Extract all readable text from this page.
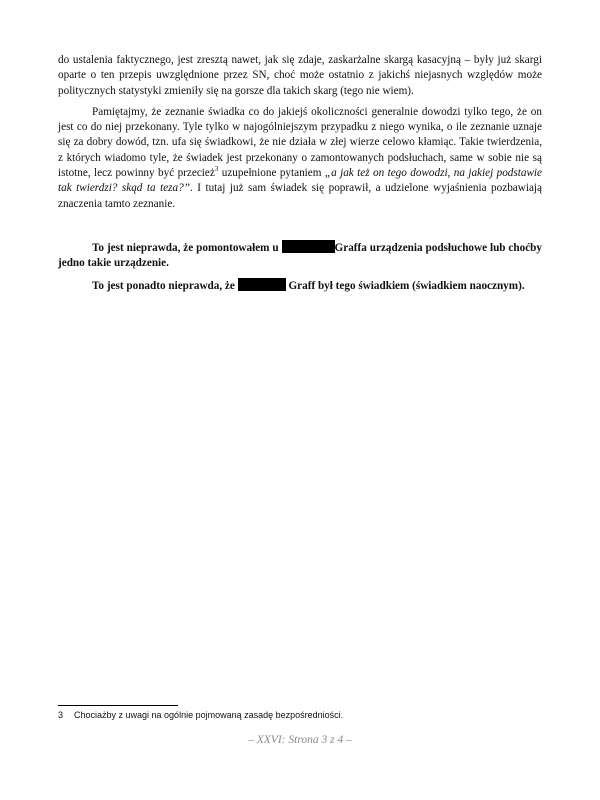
do ustalenia faktycznego, jest zresztą nawet, jak się zdaje, zaskarżalne skargą kasacyjną – były już skargi oparte o ten przepis uwzględnione przez SN, choć może ostatnio z jakichś niejasnych względów może politycznych statystyki zmieniły się na gorsze dla takich skarg (tego nie wiem).

Pamiętajmy, że zeznanie świadka co do jakiejś okoliczności generalnie dowodzi tylko tego, że on jest co do niej przekonany. Tyle tylko w najogólniejszym przypadku z niego wynika, o ile zeznanie uznaje się za dobry dowód, tzn. ufa się świadkowi, że nie działa w złej wierze celowo kłamiąc. Takie twierdzenia, z których wiadomo tyle, że świadek jest przekonany o zamontowanych podsłuchach, same w sobie nie są istotne, lecz powinny być przecież$^3$ uzupełnione pytaniem „a jak też on tego dowodzi, na jakiej podstawie tak twierdzi? skąd ta teza?”. I tutaj już sam świadek się poprawił, a udzielone wyjaśnienia pozbawiają znaczenia tamto zeznanie.

To jest nieprawda, że pomontowałem u	Graffa urządzenia podsłuchowe lub choćby jedno takie urządzenie.

To jest ponadto nieprawda, że	Graff był tego świadkiem (świadkiem naocznym).

3 Chociażby z uwagi na ogólnie pojmowaną zasadę bezpośredniości.
– XXVI: Strona 3 z 4 –
